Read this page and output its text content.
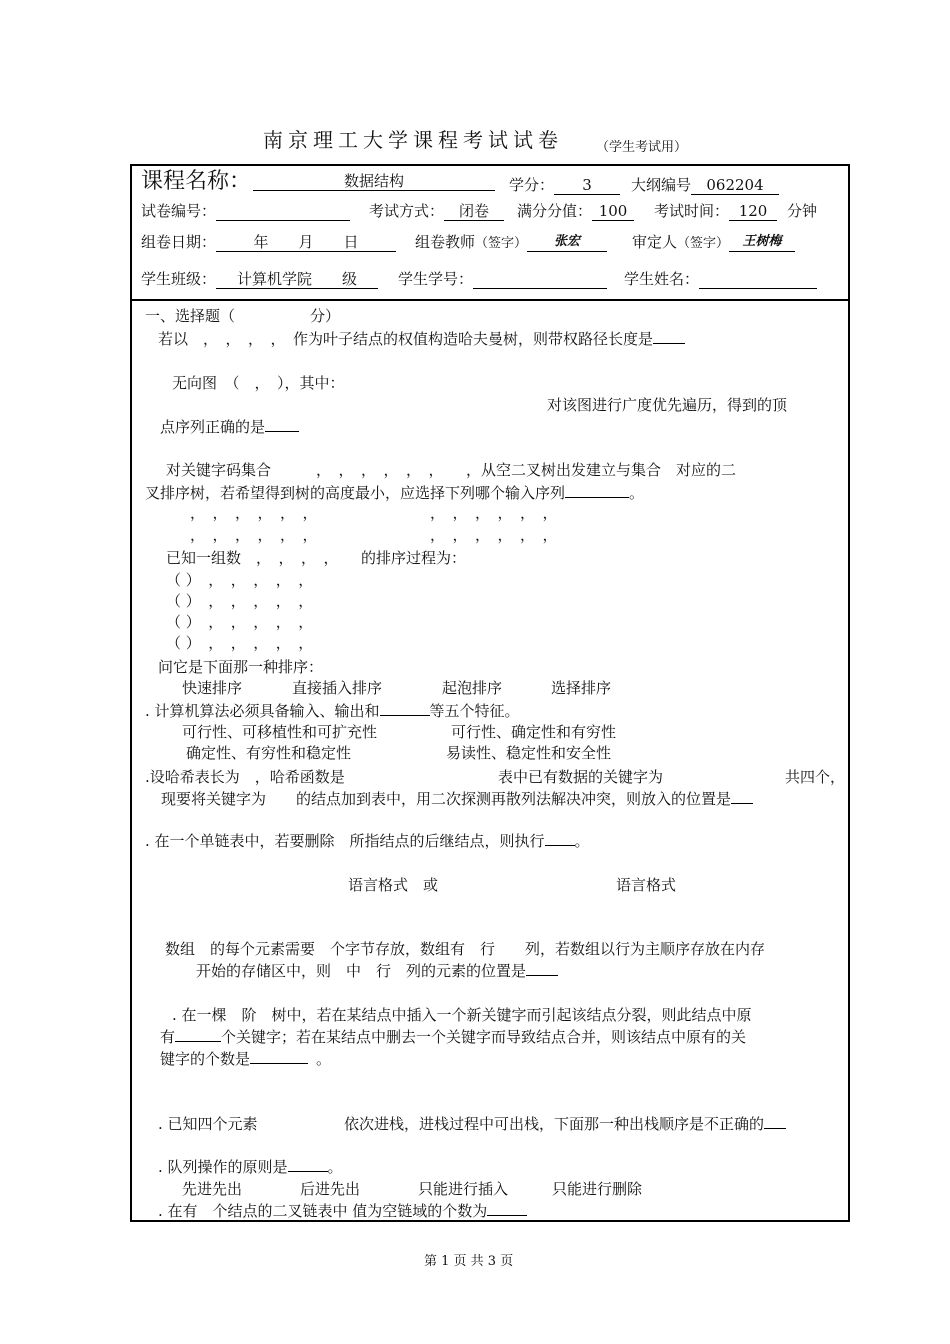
南京理工大学课程考试试卷	（学生考试用）
课程名称：	数据结构	学分： 3	大纲编号 062204
试卷编号：	考试方式： 闭卷	满分分值： 100	考试时间： 120 分钟
组卷日期： 年　　月　　日	组卷教师（签字） 张宏	审定人（签字） 王树梅
学生班级： 计算机学院　　级	学生学号：	学生姓名：
一、选择题（　　　　　分）
若以　，　，　，　，　作为叶子结点的权值构造哈夫曼树，则带权路径长度是
无向图　（　，　），其中：
对该图进行广度优先遍历，得到的顶
点序列正确的是
对关键字码集合　　　，　，　，　，　，　，　　，从空二叉树出发建立与集合　对应的二
叉排序树，若希望得到树的高度最小，应选择下列哪个输入序列	。
，　，　，　，　，　，　　　　　　　　，　，　，　，　，　，
，　，　，　，　，　，　　　　　　　　，　，　，　，　，　，
已知一组数　，　，　，　，　　的排序过程为：
（ ）　，　，　，　，　，
（ ）　，　，　，　，　，
（ ）　，　，　，　，　，
（ ）　，　，　，　，　，
问它是下面那一种排序：
快速排序	直接插入排序	起泡排序	选择排序
. 计算机算法必须具备输入、输出和	等五个特征。
可行性、可移植性和可扩充性	可行性、确定性和有穷性
确定性、有穷性和稳定性	易读性、稳定性和安全性
.设哈希表长为　，哈希函数是	表中已有数据的关键字为	共四个，
现要将关键字为　　的结点加到表中，用二次探测再散列法解决冲突，则放入的位置是
. 在一个单链表中，若要删除　所指结点的后继结点，则执行 。
语言格式　或	语言格式
数组　的每个元素需要　个字节存放，数组有　行　　列，若数组以行为主顺序存放在内存
开始的存储区中，则　中　行　列的元素的位置是
. 在一棵　阶　树中，若在某结点中插入一个新关键字而引起该结点分裂，则此结点中原
有	个关键字；若在某结点中删去一个关键字而导致结点合并，则该结点中原有的关
键字的个数是	。
. 已知四个元素	依次进栈，进栈过程中可出栈，下面那一种出栈顺序是不正确的
. 队列操作的原则是	。
先进先出	后进先出	只能进行插入	只能进行删除
. 在有　个结点的二叉链表中 值为空链域的个数为
第 1 页 共 3 页
